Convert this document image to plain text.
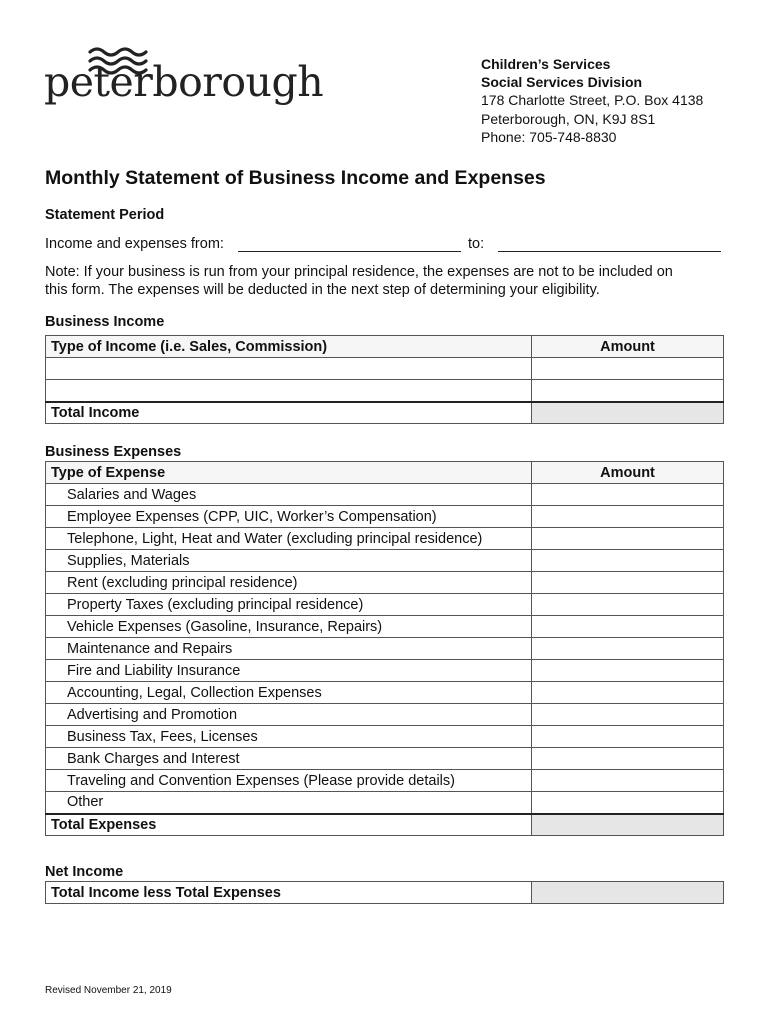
peterborough	Children’s Services
Social Services Division
178 Charlotte Street, P.O. Box 4138
Peterborough, ON, K9J 8S1
Phone: 705-748-8830
Monthly Statement of Business Income and Expenses
Statement Period
Income and expenses from:	to:
Note: If your business is run from your principal residence, the expenses are not to be included on
this form. The expenses will be deducted in the next step of determining your eligibility.
Business Income
Type of Income (i.e. Sales, Commission)	Amount

Total Income	
Business Expenses
Type of Expense	Amount
Salaries and Wages	
Employee Expenses (CPP, UIC, Worker’s Compensation)	
Telephone, Light, Heat and Water (excluding principal residence)	
Supplies, Materials	
Rent (excluding principal residence)	
Property Taxes (excluding principal residence)	
Vehicle Expenses (Gasoline, Insurance, Repairs)	
Maintenance and Repairs	
Fire and Liability Insurance	
Accounting, Legal, Collection Expenses	
Advertising and Promotion	
Business Tax, Fees, Licenses	
Bank Charges and Interest	
Traveling and Convention Expenses (Please provide details)	
Other	
Total Expenses	
Net Income
Total Income less Total Expenses	
Revised November 21, 2019
